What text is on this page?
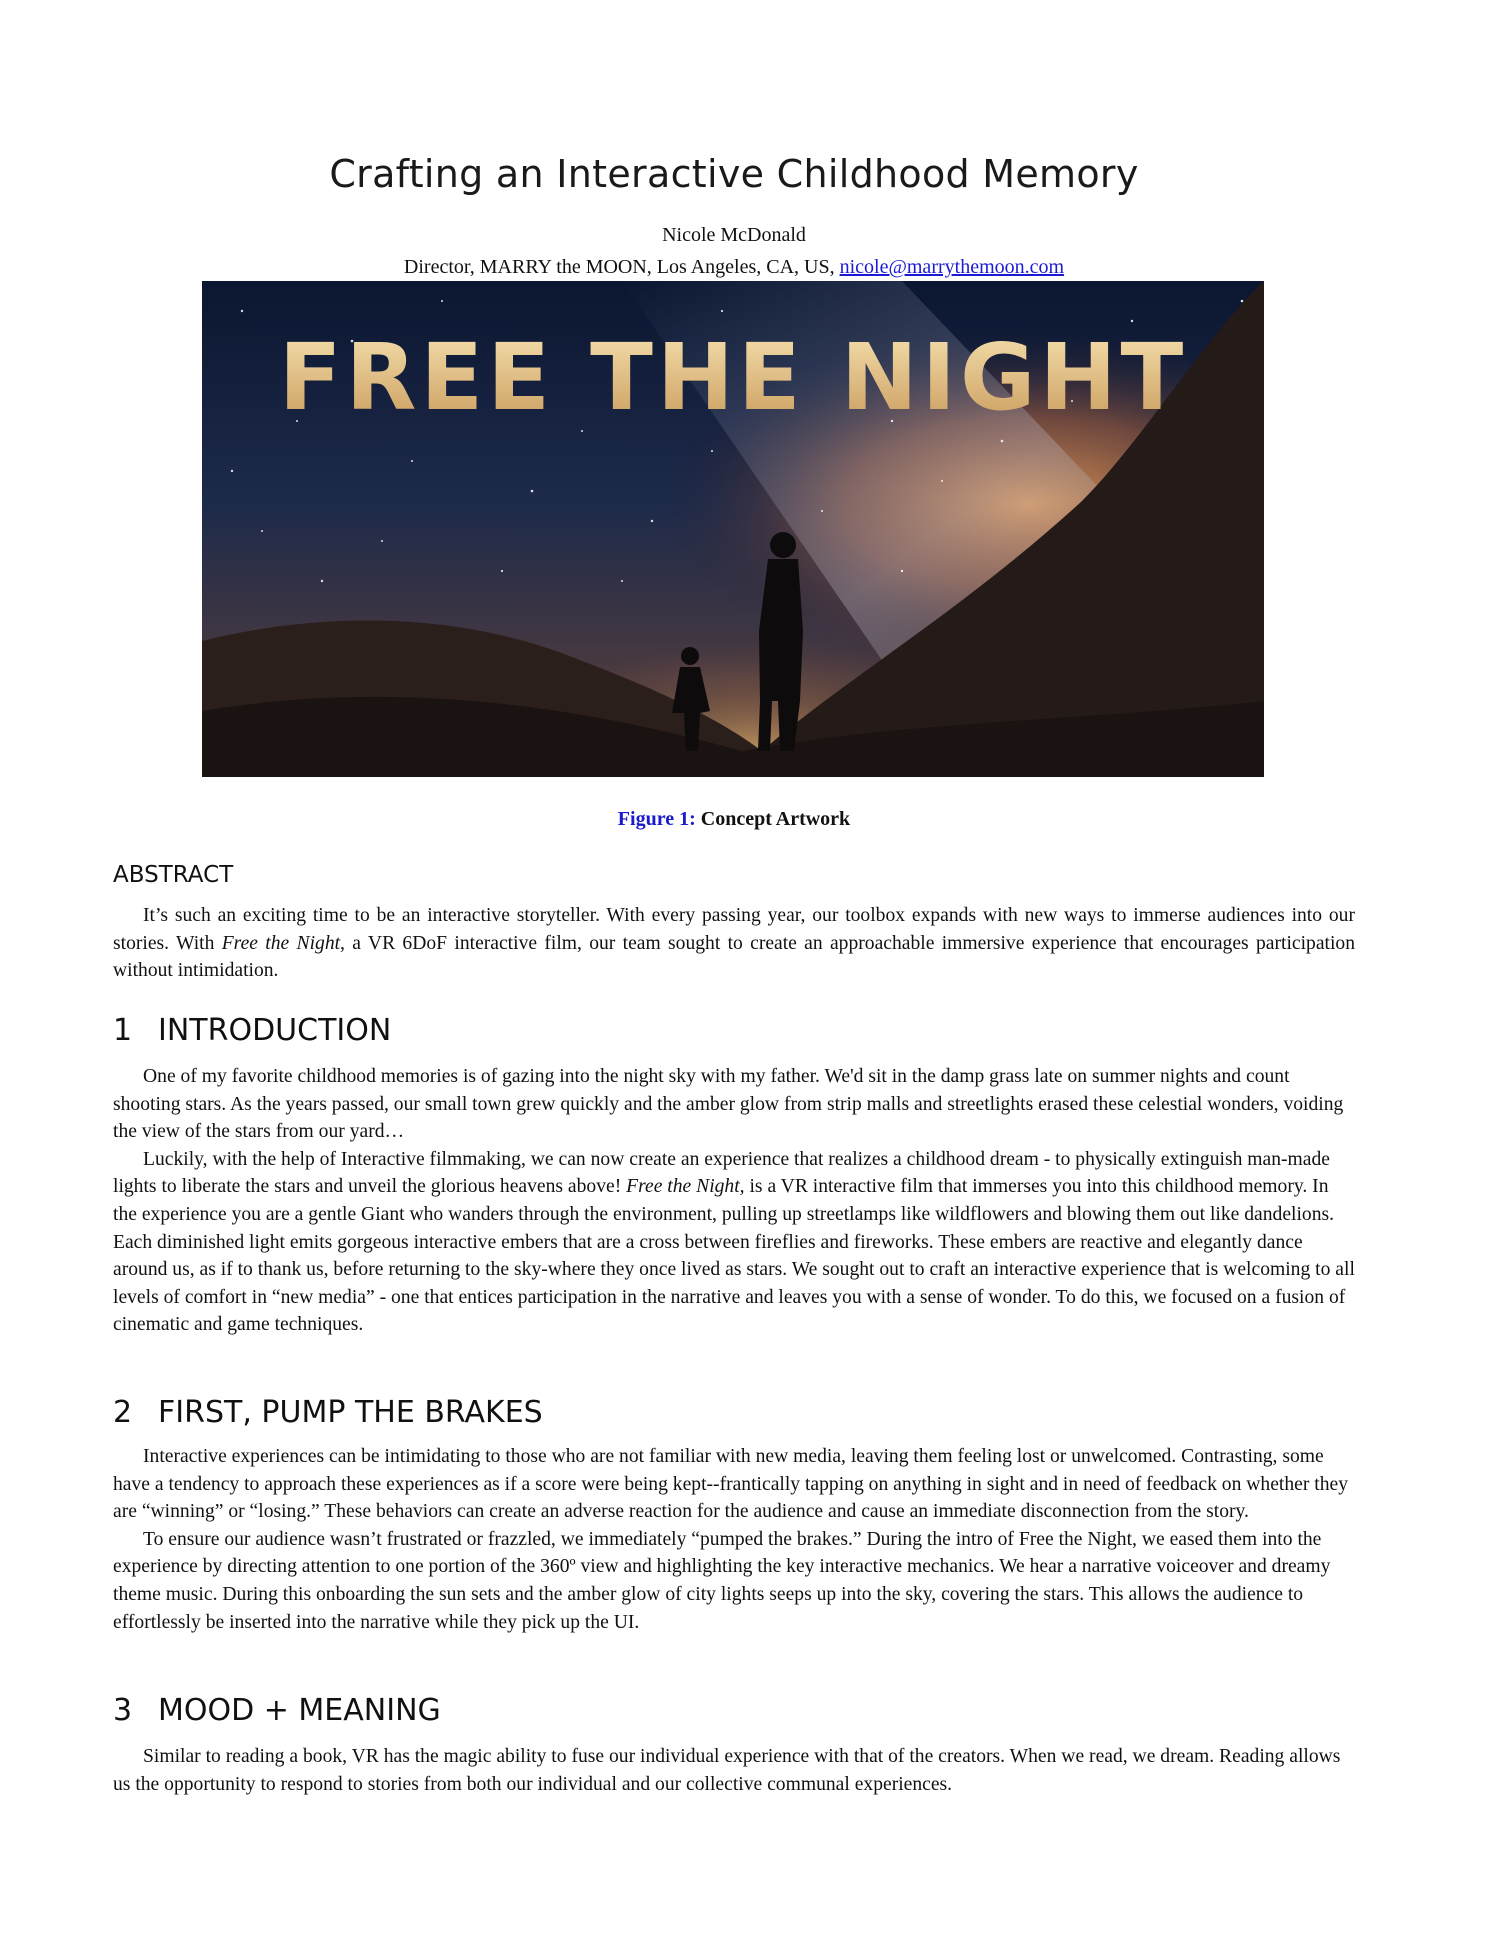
Crafting an Interactive Childhood Memory
Nicole McDonald
Director, MARRY the MOON, Los Angeles, CA, US, nicole@marrythemoon.com
FREE THE NIGHT
Figure 1: Concept Artwork
ABSTRACT

It’s such an exciting time to be an interactive storyteller. With every passing year, our toolbox expands with new ways to immerse audiences into our stories. With Free the Night, a VR 6DoF interactive film, our team sought to create an approachable immersive experience that encourages participation without intimidation.

1 INTRODUCTION

One of my favorite childhood memories is of gazing into the night sky with my father. We'd sit in the damp grass late on summer nights and count shooting stars. As the years passed, our small town grew quickly and the amber glow from strip malls and streetlights erased these celestial wonders, voiding the view of the stars from our yard…

Luckily, with the help of Interactive filmmaking, we can now create an experience that realizes a childhood dream - to physically extinguish man-made lights to liberate the stars and unveil the glorious heavens above! Free the Night, is a VR interactive film that immerses you into this childhood memory. In the experience you are a gentle Giant who wanders through the environment, pulling up streetlamps like wildflowers and blowing them out like dandelions. Each diminished light emits gorgeous interactive embers that are a cross between fireflies and fireworks. These embers are reactive and elegantly dance around us, as if to thank us, before returning to the sky-where they once lived as stars. We sought out to craft an interactive experience that is welcoming to all levels of comfort in “new media” - one that entices participation in the narrative and leaves you with a sense of wonder. To do this, we focused on a fusion of cinematic and game techniques.

2 FIRST, PUMP THE BRAKES

Interactive experiences can be intimidating to those who are not familiar with new media, leaving them feeling lost or unwelcomed. Contrasting, some have a tendency to approach these experiences as if a score were being kept--frantically tapping on anything in sight and in need of feedback on whether they are “winning” or “losing.” These behaviors can create an adverse reaction for the audience and cause an immediate disconnection from the story.

To ensure our audience wasn’t frustrated or frazzled, we immediately “pumped the brakes.” During the intro of Free the Night, we eased them into the experience by directing attention to one portion of the 360º view and highlighting the key interactive mechanics. We hear a narrative voiceover and dreamy theme music. During this onboarding the sun sets and the amber glow of city lights seeps up into the sky, covering the stars. This allows the audience to effortlessly be inserted into the narrative while they pick up the UI.

3 MOOD + MEANING

Similar to reading a book, VR has the magic ability to fuse our individual experience with that of the creators. When we read, we dream. Reading allows us the opportunity to respond to stories from both our individual and our collective communal experiences.
